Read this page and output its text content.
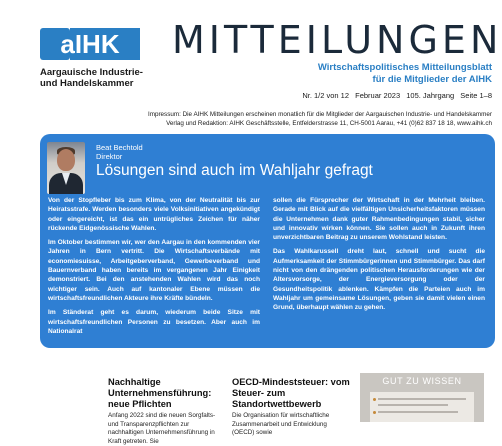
aIHK
Aargauische Industrie-
und Handelskammer
MITTEILUNGEN
Wirtschaftspolitisches Mitteilungsblatt
für die Mitglieder der AIHK
Nr. 1/2 von 12 Februar 2023 105. Jahrgang Seite 1–8
Impressum: Die AIHK Mitteilungen erscheinen monatlich für die Mitglieder der Aargauischen Industrie- und Handelskammer
Verlag und Redaktion: AIHK Geschäftsstelle, Entfelderstrasse 11, CH-5001 Aarau, +41 (0)62 837 18 18, www.aihk.ch
Beat Bechtold
Direktor
Lösungen sind auch im Wahljahr gefragt

Von der Stopfleber bis zum Klima, von der Neutralität bis zur Heiratsstrafe. Werden besonders viele Volksinitiativen angekündigt oder eingereicht, ist das ein untrügliches Zeichen für näher rückende Eidgenössische Wahlen.

Im Oktober bestimmen wir, wer den Aargau in den kommenden vier Jahren in Bern vertritt. Die Wirtschaftsverbände mit economiesuisse, Arbeitgeberverband, Gewerbeverband und Bauernverband haben bereits im vergangenen Jahr Einigkeit demonstriert. Bei den anstehenden Wahlen wird das noch wichtiger sein. Auch auf kantonaler Ebene müssen die wirtschaftsfreundlichen Akteure ihre Kräfte bündeln.

Im Ständerat geht es darum, wiederum beide Sitze mit wirtschaftsfreundlichen Personen zu besetzen. Aber auch im Nationalrat

sollen die Fürsprecher der Wirtschaft in der Mehrheit bleiben. Gerade mit Blick auf die vielfältigen Unsicherheitsfaktoren müssen die Unternehmen dank guter Rahmenbedingungen stabil, sicher und innovativ wirken können. Sie sollen auch in Zukunft ihren unverzichtbaren Beitrag zu unserem Wohlstand leisten.

Das Wahlkarussell dreht laut, schnell und sucht die Aufmerksamkeit der Stimmbürgerinnen und Stimmbürger. Das darf nicht von den drängenden politischen Herausforderungen wie der Altersvorsorge, der Energieversorgung oder der Gesundheitspolitik ablenken. Kämpfen die Parteien auch im Wahljahr um gemeinsame Lösungen, geben sie damit vielen einen Grund, überhaupt wählen zu gehen.

Nachhaltige Unternehmensführung: neue Pflichten
Anfang 2022 sind die neuen Sorgfalts- und Transparenzpflichten zur nachhaltigen Unternehmensführung in Kraft getreten. Sie
OECD-Mindeststeuer: vom Steuer- zum Standortwettbewerb
Die Organisation für wirtschaftliche Zusammenarbeit und Entwicklung (OECD) sowie
GUT ZU WISSEN
